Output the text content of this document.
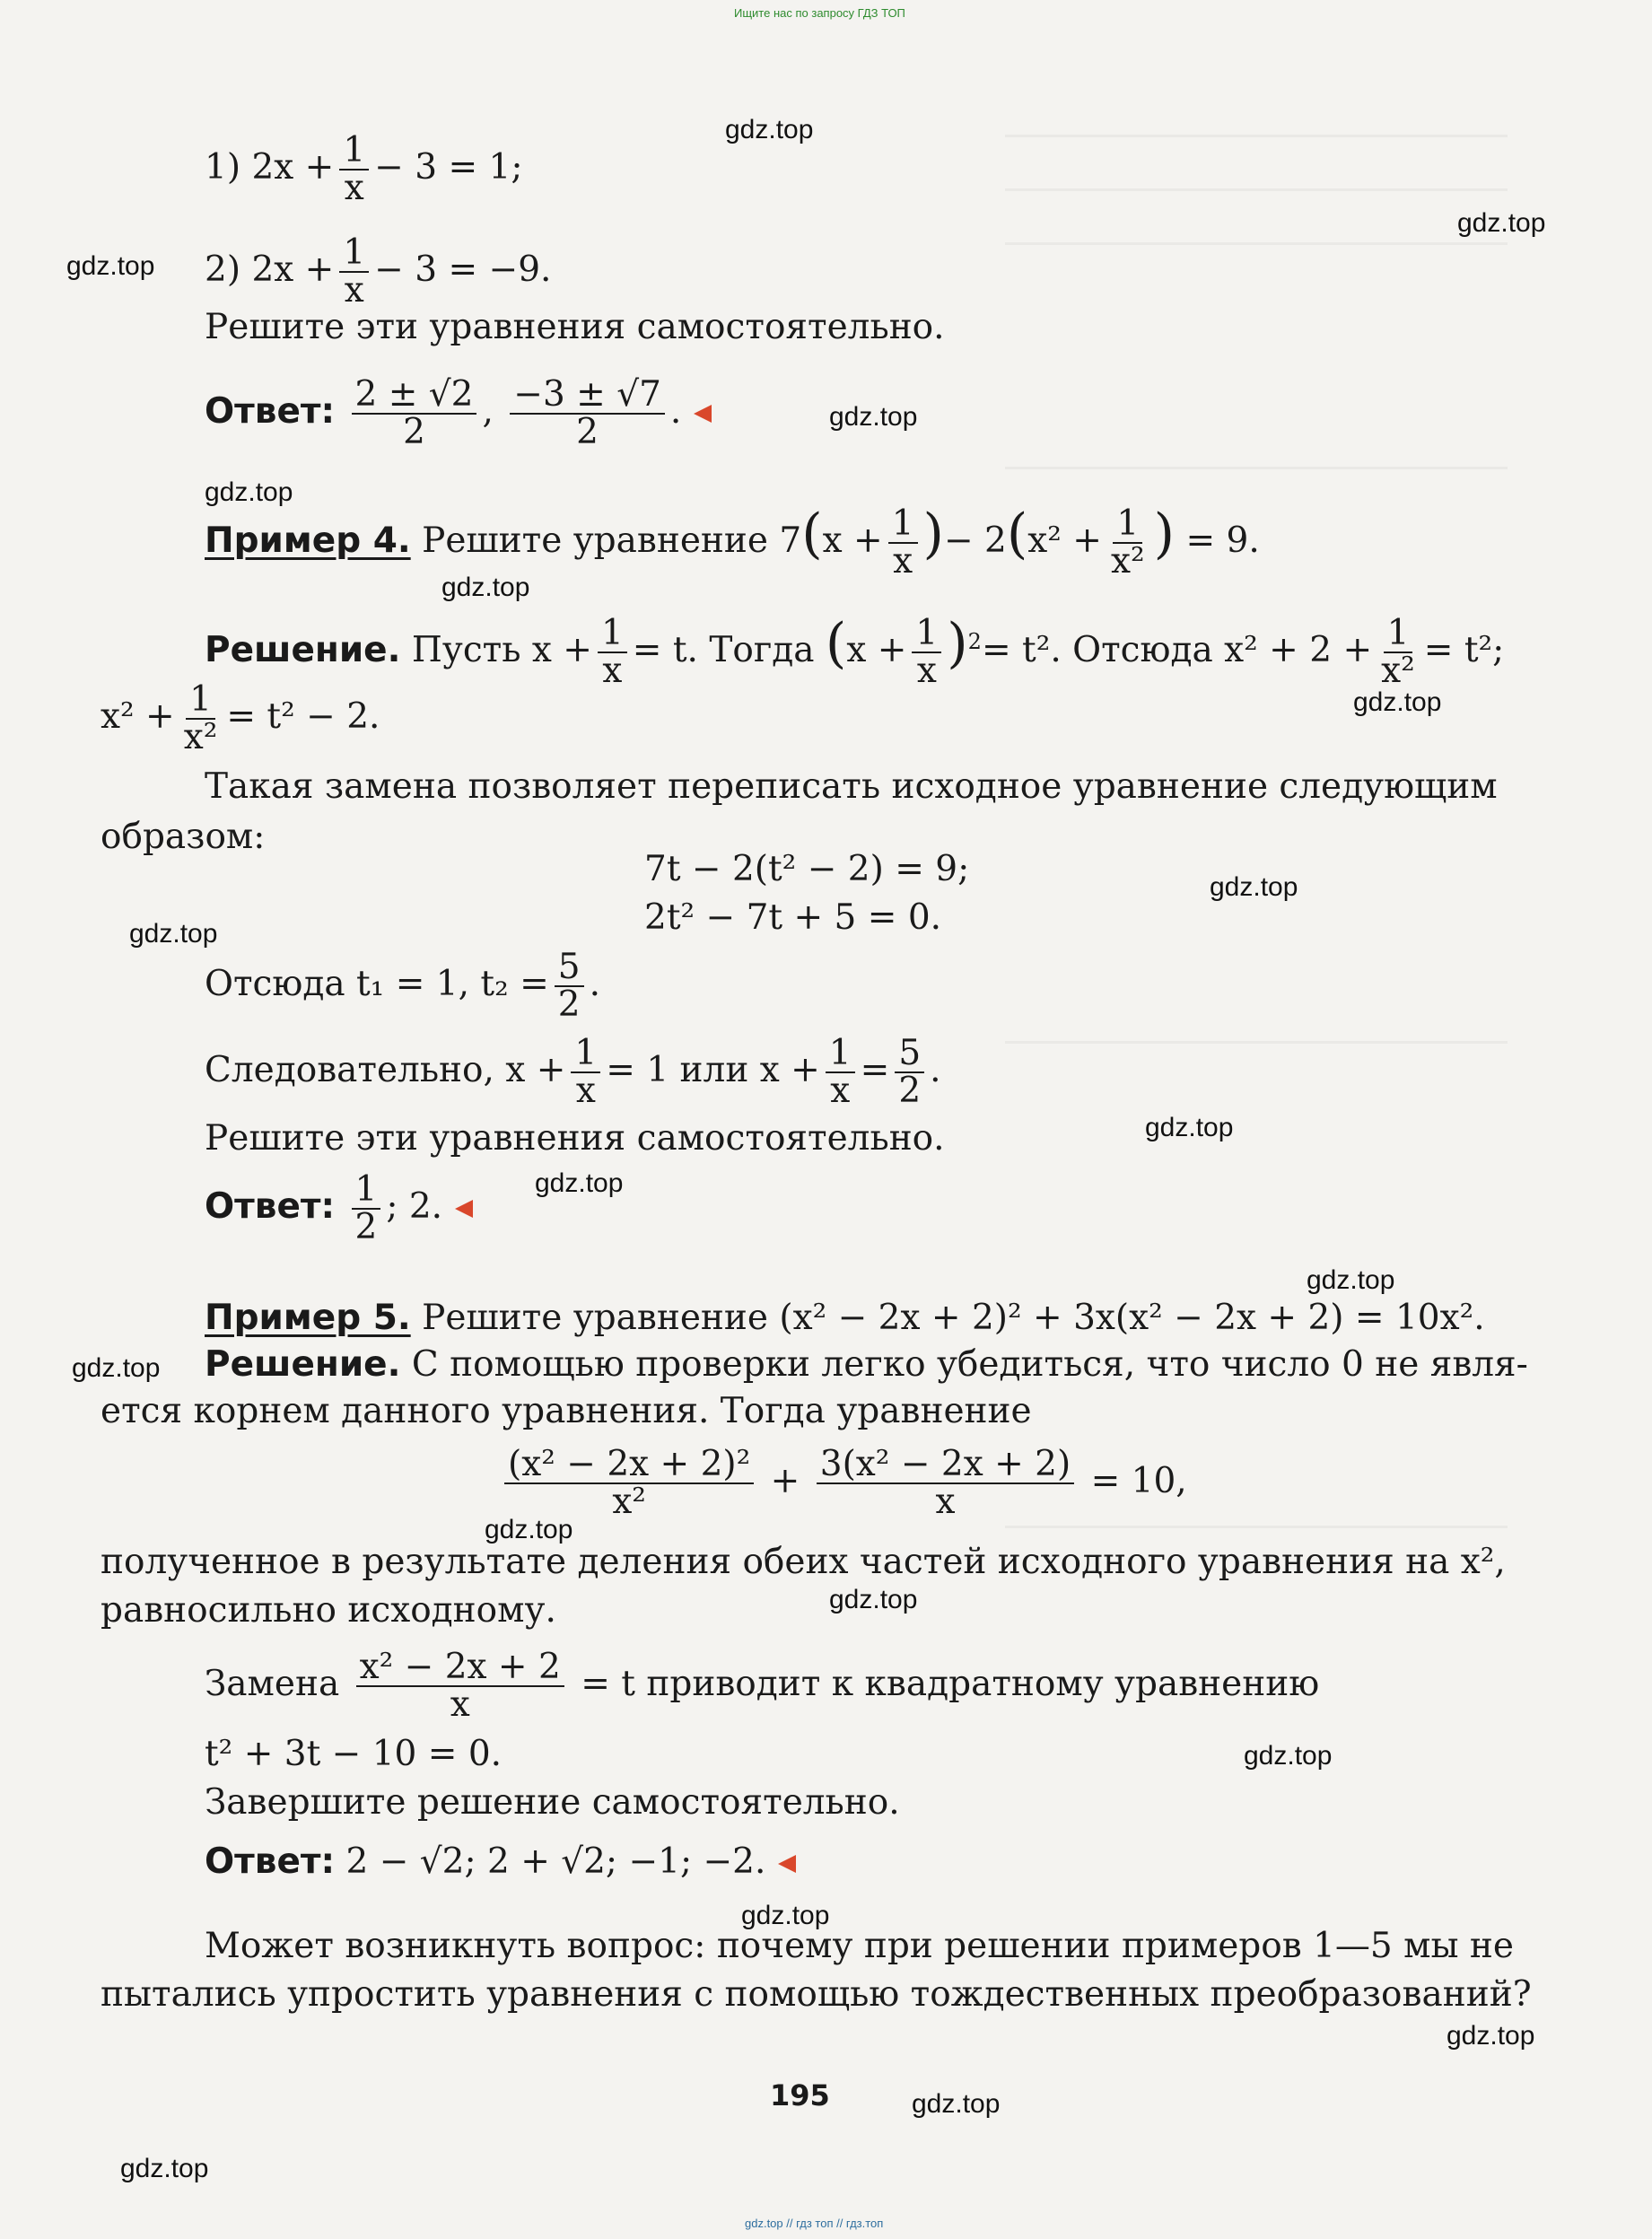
Ищите нас по запросу ГДЗ ТОП
1) $2x + \frac{1}{x} - 3 = 1$;
2) $2x + \frac{1}{x} - 3 = -9$.
Решите эти уравнения самостоятельно.
Ответ: $\frac{2 \pm √2}{2}$ , $\frac{-3 \pm √7}{2}$ .
Пример 4. Решите уравнение $7(x + \frac{1}{x}$ )− $2(x^2 + \frac{1}{\text{x²}}$ ) = 9.
Решение. Пусть $x + \frac{1}{x} = t$. Тогда $(x + \frac{1}{x} )^2= t^2$. Отсюда $x^2 + 2 + \frac{1}{\text{x²}} = t^2$;
$x^2 + \frac{1}{\text{x²}} = t^2 - 2$.
Такая замена позволяет переписать исходное уравнение следующим
образом:
7t − 2(t² − 2) = 9;
2t² − 7t + 5 = 0.
Отсюда t₁ = 1, $t_2 = \frac{5}{2}$ .
Следовательно, $x + \frac{1}{x} = 1$ или $x + \frac{1}{x} = \frac{5}{2}$ .
Решите эти уравнения самостоятельно.
Ответ: $\frac{1}{2}$ ; 2.
Пример 5. Решите уравнение (x² − 2x + 2)² + 3x(x² − 2x + 2) = 10x².
Решение. С помощью проверки легко убедиться, что число 0 не явля-
ется корнем данного уравнения. Тогда уравнение
$\frac{\text{(x² − 2x + 2)²}}{\text{x²}} + \frac{\text{3(x² − 2x + 2)}}{x} = 10$,
полученное в результате деления обеих частей исходного уравнения на x²,
равносильно исходному.
Замена $\frac{\text{x² − 2x + 2}}{x} = t$ приводит к квадратному уравнению
t² + 3t − 10 = 0.
Завершите решение самостоятельно.
Ответ: 2 − √2; 2 + √2; −1; −2.
Может возникнуть вопрос: почему при решении примеров 1—5 мы не
пытались упростить уравнения с помощью тождественных преобразований?
195
gdz.top
gdz.top
gdz.top
gdz.top
gdz.top
gdz.top
gdz.top
gdz.top
gdz.top
gdz.top
gdz.top
gdz.top
gdz.top
gdz.top
gdz.top
gdz.top
gdz.top
gdz.top
gdz.top
gdz.top
gdz.top // гдз топ // гдз.топ
